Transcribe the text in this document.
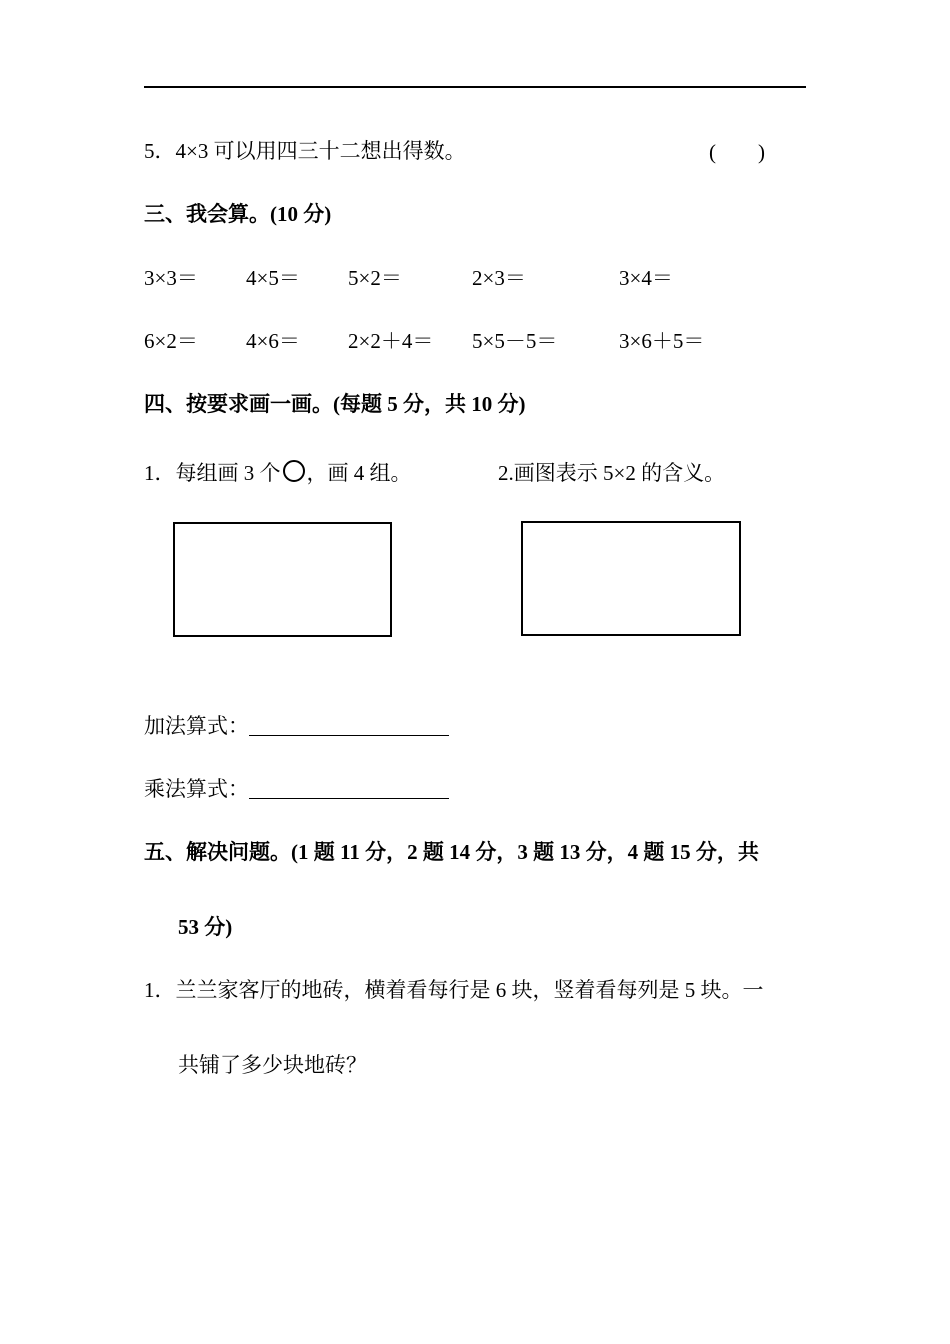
5．4×3 可以用四三十二想出得数。	(　　)
三、我会算。(10 分)
3×3＝ 4×5＝ 5×2＝	2×3＝	3×4＝
6×2＝ 4×6＝ 2×2＋4＝ 5×5－5＝	3×6＋5＝
四、按要求画一画。(每题 5 分，共 10 分)
1．每组画 3 个 ，画 4 组。	2.画图表示 5×2 的含义。
加法算式：
乘法算式：
五、解决问题。(1 题 11 分，2 题 14 分，3 题 13 分，4 题 15 分，共
53 分)
1．兰兰家客厅的地砖，横着看每行是 6 块，竖着看每列是 5 块。一
共铺了多少块地砖？
